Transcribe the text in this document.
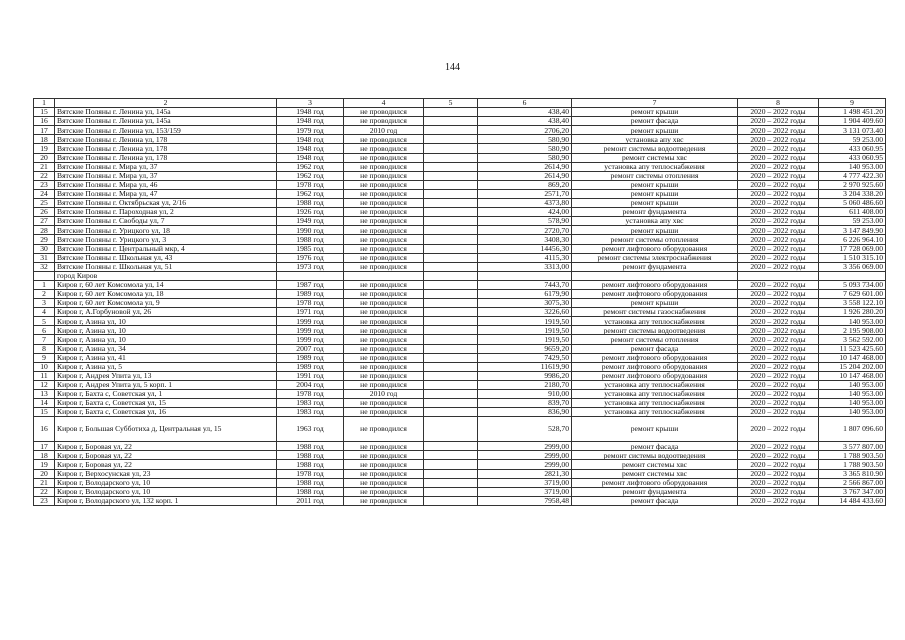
144
1	2	3	4	5	6	7	8	9
15	Вятские Поляны г. Ленина ул, 145а	1948 год	не проводился		438,40	ремонт крыши	2020 – 2022 годы	1 498 451.20
16	Вятские Поляны г. Ленина ул, 145а	1948 год	не проводился		438,40	ремонт фасада	2020 – 2022 годы	1 904 409.60
17	Вятские Поляны г. Ленина ул, 153/159	1979 год	2010 год		2706,20	ремонт крыши	2020 – 2022 годы	3 131 073.40
18	Вятские Поляны г. Ленина ул, 178	1948 год	не проводился		580,90	установка апу хвс	2020 – 2022 годы	59 253.00
19	Вятские Поляны г. Ленина ул, 178	1948 год	не проводился		580,90	ремонт системы водоотведения	2020 – 2022 годы	433 060.95
20	Вятские Поляны г. Ленина ул, 178	1948 год	не проводился		580,90	ремонт системы хвс	2020 – 2022 годы	433 060.95
21	Вятские Поляны г. Мира ул, 37	1962 год	не проводился		2614,90	установка апу теплоснабжения	2020 – 2022 годы	140 953.00
22	Вятские Поляны г. Мира ул, 37	1962 год	не проводился		2614,90	ремонт системы отопления	2020 – 2022 годы	4 777 422.30
23	Вятские Поляны г. Мира ул, 46	1978 год	не проводился		869,20	ремонт крыши	2020 – 2022 годы	2 970 925.60
24	Вятские Поляны г. Мира ул, 47	1962 год	не проводился		2571,70	ремонт крыши	2020 – 2022 годы	3 204 338.20
25	Вятские Поляны г. Октябрьская ул, 2/16	1988 год	не проводился		4373,80	ремонт крыши	2020 – 2022 годы	5 060 486.60
26	Вятские Поляны г. Пароходная ул, 2	1926 год	не проводился		424,00	ремонт фундамента	2020 – 2022 годы	611 408.00
27	Вятские Поляны г. Свободы ул, 7	1949 год	не проводился		578,90	установка апу хвс	2020 – 2022 годы	59 253.00
28	Вятские Поляны г. Урицкого ул, 18	1990 год	не проводился		2720,70	ремонт крыши	2020 – 2022 годы	3 147 849.90
29	Вятские Поляны г. Урицкого ул, 3	1988 год	не проводился		3408,30	ремонт системы отопления	2020 – 2022 годы	6 226 964.10
30	Вятские Поляны г. Центральный мкр, 4	1985 год	не проводился		14456,30	ремонт лифтового оборудования	2020 – 2022 годы	17 728 069.00
31	Вятские Поляны г. Школьная ул, 43	1976 год	не проводился		4115,30	ремонт системы электроснабжения	2020 – 2022 годы	1 510 315.10
32	Вятские Поляны г. Школьная ул, 51	1973 год	не проводился		3313,00	ремонт фундамента	2020 – 2022 годы	3 356 069.00
	город Киров							
1	Киров г, 60 лет Комсомола ул, 14	1987 год	не проводился		7443,70	ремонт лифтового оборудования	2020 – 2022 годы	5 093 734.00
2	Киров г, 60 лет Комсомола ул, 18	1989 год	не проводился		6179,90	ремонт лифтового оборудования	2020 – 2022 годы	7 629 601.00
3	Киров г, 60 лет Комсомола ул, 9	1978 год	не проводился		3075,30	ремонт крыши	2020 – 2022 годы	3 558 122.10
4	Киров г, А.Горбуновой ул, 26	1971 год	не проводился		3226,60	ремонт системы газоснабжения	2020 – 2022 годы	1 926 280.20
5	Киров г, Азина ул, 10	1999 год	не проводился		1919,50	установка апу теплоснабжения	2020 – 2022 годы	140 953.00
6	Киров г, Азина ул, 10	1999 год	не проводился		1919,50	ремонт системы водоотведения	2020 – 2022 годы	2 195 908.00
7	Киров г, Азина ул, 10	1999 год	не проводился		1919,50	ремонт системы отопления	2020 – 2022 годы	3 562 592.00
8	Киров г, Азина ул, 34	2007 год	не проводился		9659,20	ремонт фасада	2020 – 2022 годы	11 523 425.60
9	Киров г, Азина ул, 41	1989 год	не проводился		7429,50	ремонт лифтового оборудования	2020 – 2022 годы	10 147 468.00
10	Киров г, Азина ул, 5	1989 год	не проводился		11619,90	ремонт лифтового оборудования	2020 – 2022 годы	15 204 202.00
11	Киров г, Андрея Упита ул, 13	1991 год	не проводился		9986,20	ремонт лифтового оборудования	2020 – 2022 годы	10 147 468.00
12	Киров г, Андрея Упита ул, 5 корп. 1	2004 год	не проводился		2180,70	установка апу теплоснабжения	2020 – 2022 годы	140 953.00
13	Киров г, Бахта с, Советская ул, 1	1978 год	2010 год		910,00	установка апу теплоснабжения	2020 – 2022 годы	140 953.00
14	Киров г, Бахта с, Советская ул, 15	1983 год	не проводился		839,70	установка апу теплоснабжения	2020 – 2022 годы	140 953.00
15	Киров г, Бахта с, Советская ул, 16	1983 год	не проводился		836,90	установка апу теплоснабжения	2020 – 2022 годы	140 953.00
16	Киров г, Большая Субботиха д, Центральная ул, 15	1963 год	не проводился		528,70	ремонт крыши	2020 – 2022 годы	1 807 096.60
17	Киров г, Боровая ул, 22	1988 год	не проводился		2999,00	ремонт фасада	2020 – 2022 годы	3 577 807.00
18	Киров г, Боровая ул, 22	1988 год	не проводился		2999,00	ремонт системы водоотведения	2020 – 2022 годы	1 788 903.50
19	Киров г, Боровая ул, 22	1988 год	не проводился		2999,00	ремонт системы хвс	2020 – 2022 годы	1 788 903.50
20	Киров г, Верхосунская ул, 23	1978 год	не проводился		2821,30	ремонт системы хвс	2020 – 2022 годы	3 365 810.90
21	Киров г, Володарского ул, 10	1988 год	не проводился		3719,00	ремонт лифтового оборудования	2020 – 2022 годы	2 566 867.00
22	Киров г, Володарского ул, 10	1988 год	не проводился		3719,00	ремонт фундамента	2020 – 2022 годы	3 767 347.00
23	Киров г, Володарского ул, 132 корп. 1	2011 год	не проводился		7958,48	ремонт фасада	2020 – 2022 годы	14 484 433.60
